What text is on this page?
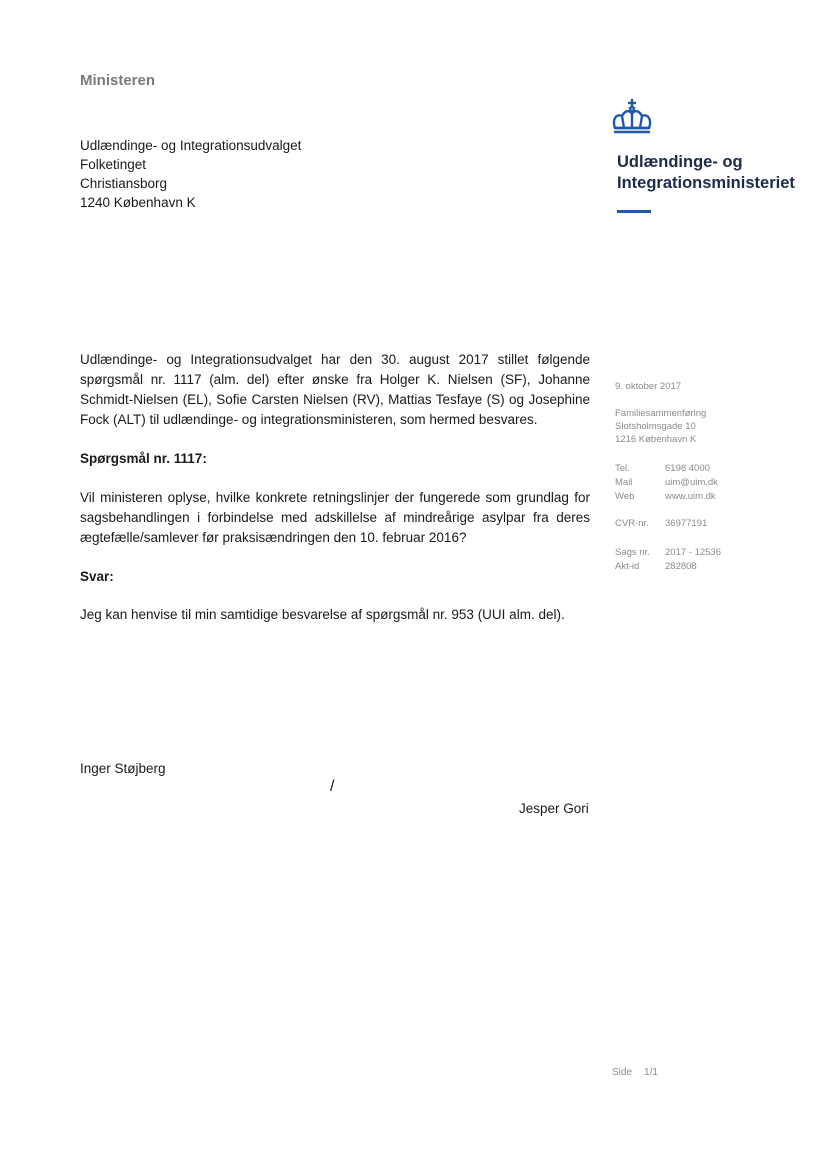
Ministeren
Udlændinge- og Integrationsudvalget
Folketinget
Christiansborg
1240 København K
Udlændinge- og
Integrationsministeriet
Udlændinge- og Integrationsudvalget har den 30. august 2017 stillet følgende spørgsmål nr. 1117 (alm. del) efter ønske fra Holger K. Nielsen (SF), Johanne Schmidt-Nielsen (EL), Sofie Carsten Nielsen (RV), Mattias Tesfaye (S) og Josephine Fock (ALT) til udlændinge- og integrationsministeren, som hermed besvares.
Spørgsmål nr. 1117:
Vil ministeren oplyse, hvilke konkrete retningslinjer der fungerede som grundlag for sagsbehandlingen i forbindelse med adskillelse af mindreårige asylpar fra deres ægtefælle/samlever før praksisændringen den 10. februar 2016?
Svar:
Jeg kan henvise til min samtidige besvarelse af spørgsmål nr. 953 (UUI alm. del).
9. oktober 2017
Familiesammenføring
Slotsholmsgade 10
1216 København K
Tel.	6198 4000
Mail	uim@uim.dk
Web	www.uim.dk
CVR-nr. 36977191
Sags nr. 2017 - 12536
Akt-id	282808
Inger Støjberg
/
Jesper Gori
Side 1/1
